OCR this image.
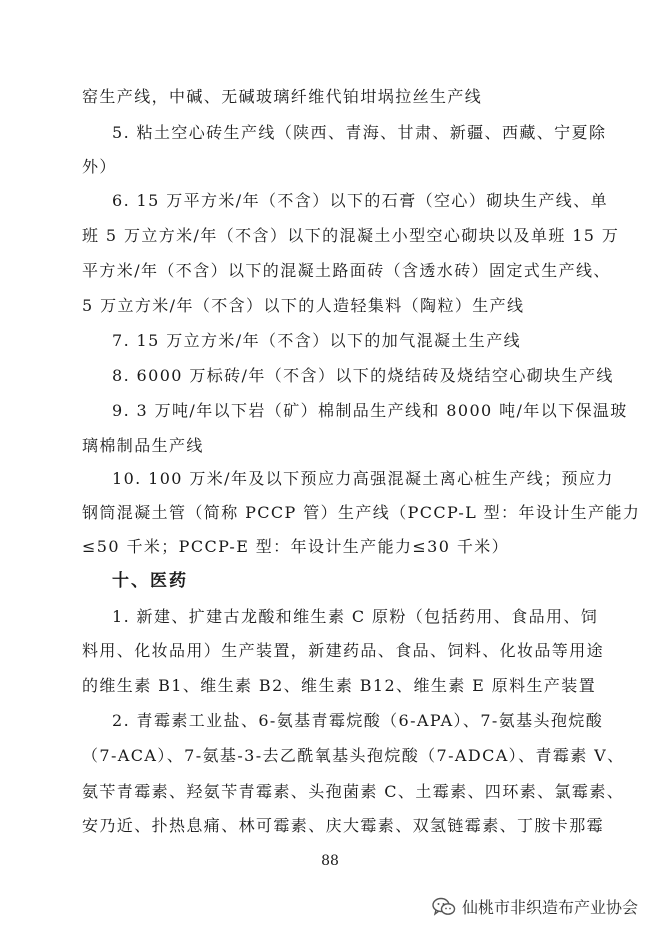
窑生产线，中碱、无碱玻璃纤维代铂坩埚拉丝生产线
5. 粘土空心砖生产线（陕西、青海、甘肃、新疆、西藏、宁夏除
外）
6. 15 万平方米/年（不含）以下的石膏（空心）砌块生产线、单
班 5 万立方米/年（不含）以下的混凝土小型空心砌块以及单班 15 万
平方米/年（不含）以下的混凝土路面砖（含透水砖）固定式生产线、
5 万立方米/年（不含）以下的人造轻集料（陶粒）生产线
7. 15 万立方米/年（不含）以下的加气混凝土生产线
8. 6000 万标砖/年（不含）以下的烧结砖及烧结空心砌块生产线
9. 3 万吨/年以下岩（矿）棉制品生产线和 8000 吨/年以下保温玻
璃棉制品生产线
10. 100 万米/年及以下预应力高强混凝土离心桩生产线；预应力
钢筒混凝土管（简称 PCCP 管）生产线（PCCP-L 型：年设计生产能力
≤50 千米；PCCP-E 型：年设计生产能力≤30 千米）
十、医药
1. 新建、扩建古龙酸和维生素 C 原粉（包括药用、食品用、饲
料用、化妆品用）生产装置，新建药品、食品、饲料、化妆品等用途
的维生素 B1、维生素 B2、维生素 B12、维生素 E 原料生产装置
2. 青霉素工业盐、6-氨基青霉烷酸（6-APA）、7-氨基头孢烷酸
（7-ACA）、7-氨基-3-去乙酰氧基头孢烷酸（7-ADCA）、青霉素 V、
氨苄青霉素、羟氨苄青霉素、头孢菌素 C、土霉素、四环素、氯霉素、
安乃近、扑热息痛、林可霉素、庆大霉素、双氢链霉素、丁胺卡那霉
88
仙桃市非织造布产业协会
